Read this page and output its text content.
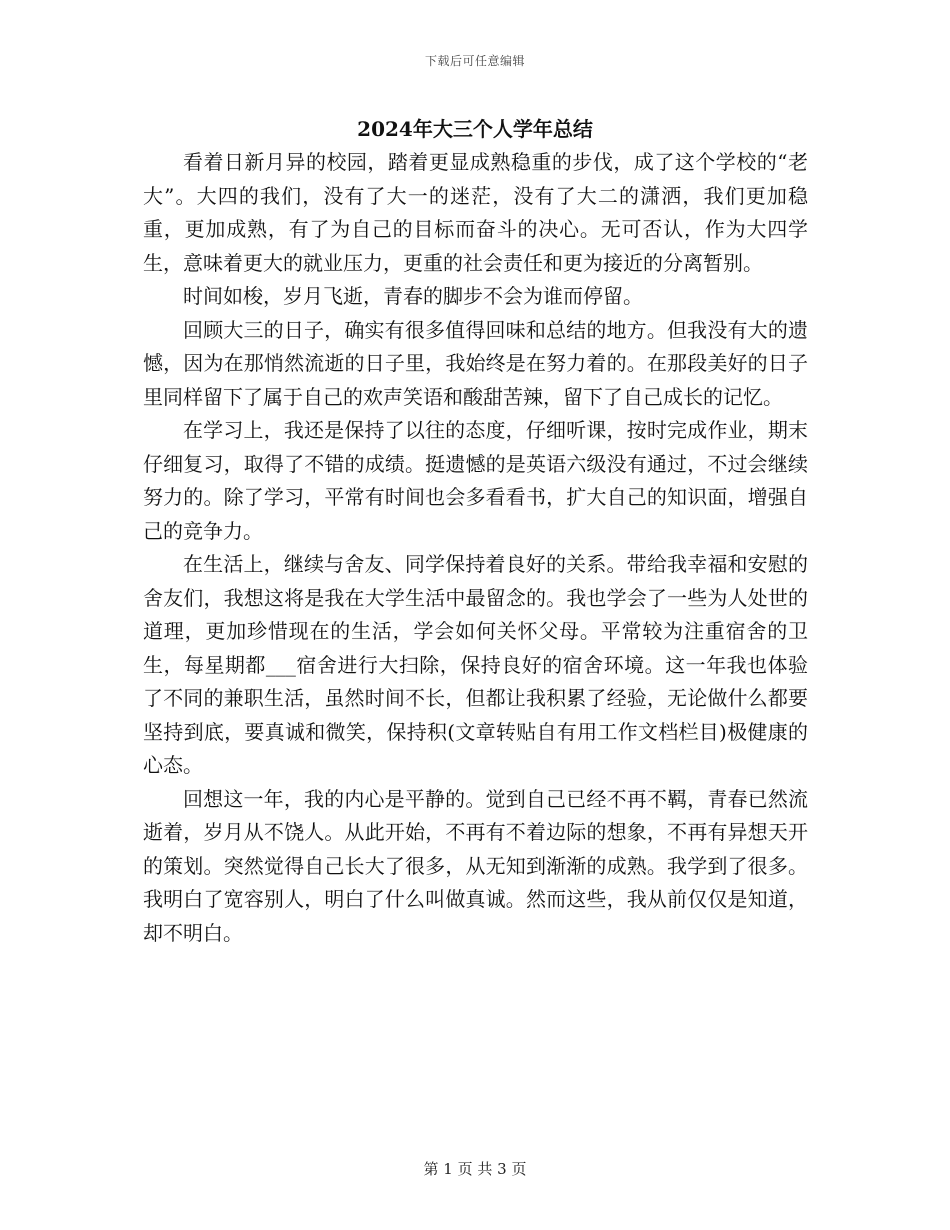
下载后可任意编辑
2024年大三个人学年总结

看着日新月异的校园，踏着更显成熟稳重的步伐，成了这个学校的“老大”。大四的我们，没有了大一的迷茫，没有了大二的潇洒，我们更加稳重，更加成熟，有了为自己的目标而奋斗的决心。无可否认，作为大四学生，意味着更大的就业压力，更重的社会责任和更为接近的分离暂别。

时间如梭，岁月飞逝，青春的脚步不会为谁而停留。

回顾大三的日子，确实有很多值得回味和总结的地方。但我没有大的遗憾，因为在那悄然流逝的日子里，我始终是在努力着的。在那段美好的日子里同样留下了属于自己的欢声笑语和酸甜苦辣，留下了自己成长的记忆。

在学习上，我还是保持了以往的态度，仔细听课，按时完成作业，期末仔细复习，取得了不错的成绩。挺遗憾的是英语六级没有通过，不过会继续努力的。除了学习，平常有时间也会多看看书，扩大自己的知识面，增强自己的竞争力。

在生活上，继续与舍友、同学保持着良好的关系。带给我幸福和安慰的舍友们，我想这将是我在大学生活中最留念的。我也学会了一些为人处世的道理，更加珍惜现在的生活，学会如何关怀父母。平常较为注重宿舍的卫生，每星期都___宿舍进行大扫除，保持良好的宿舍环境。这一年我也体验了不同的兼职生活，虽然时间不长，但都让我积累了经验，无论做什么都要坚持到底，要真诚和微笑，保持积(文章转贴自有用工作文档栏目)极健康的心态。

回想这一年，我的内心是平静的。觉到自己已经不再不羁，青春已然流逝着，岁月从不饶人。从此开始，不再有不着边际的想象，不再有异想天开的策划。突然觉得自己长大了很多，从无知到渐渐的成熟。我学到了很多。我明白了宽容别人，明白了什么叫做真诚。然而这些，我从前仅仅是知道，却不明白。

第 1 页 共 3 页
